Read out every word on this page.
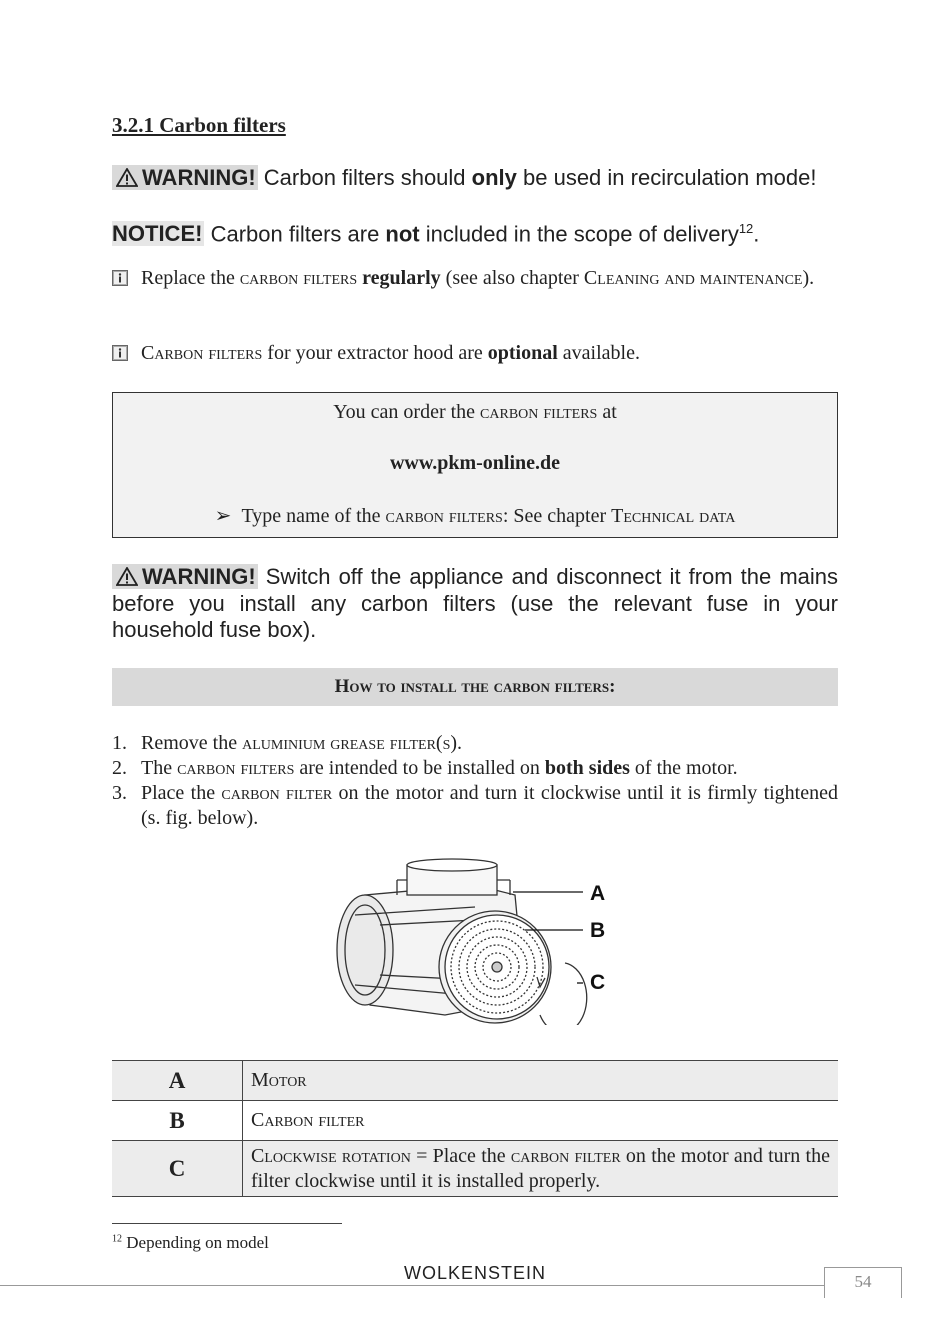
3.2.1 Carbon filters
WARNING! Carbon filters should only be used in recirculation mode!
NOTICE! Carbon filters are not included in the scope of delivery$^{12}$.
Replace the carbon filters regularly (see also chapter Cleaning and maintenance).
Carbon filters for your extractor hood are optional available.
You can order the carbon filters at
www.pkm-online.de
➢ Type name of the carbon filters: See chapter Technical data
WARNING! Switch off the appliance and disconnect it from the mains before you install any carbon filters (use the relevant fuse in your household fuse box).
How to install the carbon filters:
1. Remove the aluminium grease filter(s).
2. The carbon filters are intended to be installed on both sides of the motor.
3. Place the carbon filter on the motor and turn it clockwise until it is firmly tightened (s. fig. below).
A
B
C
A	Motor
B	Carbon filter
C	Clockwise rotation = Place the carbon filter on the motor and turn the filter clockwise until it is installed properly.
$^{12}$ Depending on model
WOLKENSTEIN	54
